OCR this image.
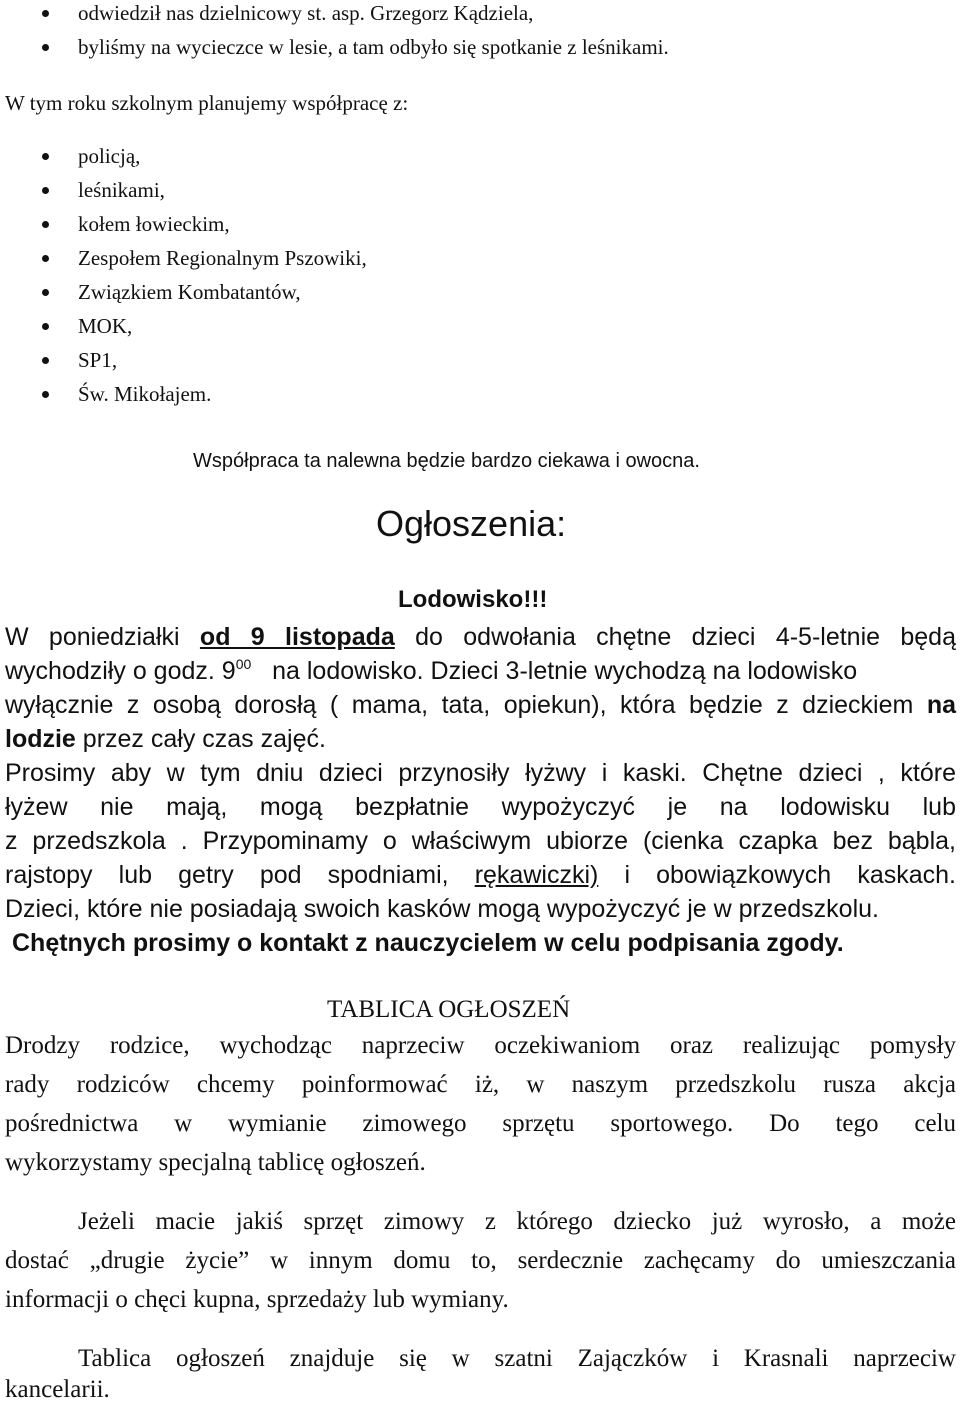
odwiedził nas dzielnicowy st. asp. Grzegorz Kądziela,
byliśmy na wycieczce w lesie, a tam odbyło się spotkanie z leśnikami.
W tym roku szkolnym planujemy współpracę z:
policją,
leśnikami,
kołem łowieckim,
Zespołem Regionalnym Pszowiki,
Związkiem Kombatantów,
MOK,
SP1,
Św. Mikołajem.
Współpraca ta nalewna będzie bardzo ciekawa i owocna.
Ogłoszenia:
Lodowisko!!!
W poniedziałki od 9 listopada do odwołania chętne dzieci 4-5-letnie będą
wychodziły o godz. $9^{00}$ na lodowisko. Dzieci 3-letnie wychodzą na lodowisko
wyłącznie z osobą dorosłą ( mama, tata, opiekun), która będzie z dzieckiem na
lodzie przez cały czas zajęć.
Prosimy aby w tym dniu dzieci przynosiły łyżwy i kaski. Chętne dzieci , które
łyżew nie mają, mogą bezpłatnie wypożyczyć je na lodowisku lub
z przedszkola . Przypominamy o właściwym ubiorze (cienka czapka bez bąbla,
rajstopy lub getry pod spodniami, rękawiczki) i obowiązkowych kaskach.
Dzieci, które nie posiadają swoich kasków mogą wypożyczyć je w przedszkolu.
Chętnych prosimy o kontakt z nauczycielem w celu podpisania zgody.
TABLICA OGŁOSZEŃ
Drodzy rodzice, wychodząc naprzeciw oczekiwaniom oraz realizując pomysły
rady rodziców chcemy poinformować iż, w naszym przedszkolu rusza akcja
pośrednictwa w wymianie zimowego sprzętu sportowego. Do tego celu
wykorzystamy specjalną tablicę ogłoszeń.
Jeżeli macie jakiś sprzęt zimowy z którego dziecko już wyrosło, a może
dostać „drugie życie” w innym domu to, serdecznie zachęcamy do umieszczania
informacji o chęci kupna, sprzedaży lub wymiany.
Tablica ogłoszeń znajduje się w szatni Zajączków i Krasnali naprzeciw
kancelarii.
